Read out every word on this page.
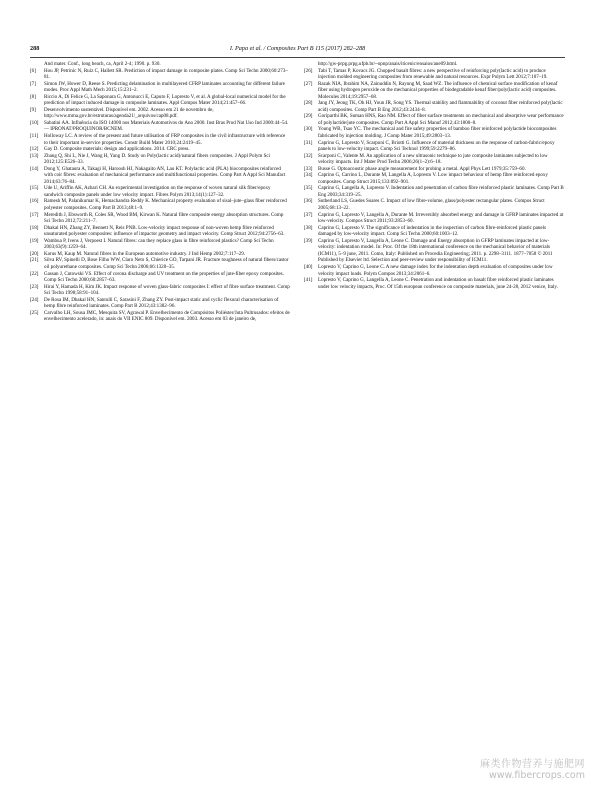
288	I. Papa et al. / Composites Part B 115 (2017) 282–288
And mater. Conf., long beach, ca, April 2-4; 1990. p. 930.
[6] Hou JP, Petrinic N, Ruiz C, Hallett SR. Prediction of impact damage in composite plates. Comp Sci Techn 2000;60:273–81.
[7] Simon JW, Hower D, Reese S. Predicting delamination in multilayered CFRP laminates accounting for different failure modes. Proc Appl Math Mech 2015;15:231–2.
[8] Riccio A, Di Felice G, La Saponara G, Antonucci E, Caputo F, Lopresto V, et al. A global-local numerical model for the prediction of impact induced damage in composite laminates. Appl Compos Mater 2014;21:457–66.
[9] Desenvolvimento sustentável. Disponível em. 2002. Acesso em 21 de novembro de, http://www.mma.gov.br/estruturas/agenda21/_arquivos/cap08.pdf.
[10] Sabatini AA. Influência da ISO 14000 nos Materiais Automotivos do Ano 2000. Inst Bras Prod Nat Uso Ind 2000:44–54. — IPRONAT/PROQUINOR/BCNEM.
[11] Holloway LC. A review of the present and future utilisation of FRP composites in the civil infrastructure with reference to their important in-service properties. Constr Build Mater 2010;24:2419–45.
[12] Gay D. Composite materials: design and applications. 2014. CRC press.
[13] Zhang Q, Shi L, Nie J, Wang H, Yang D. Study on Poly(lactic acid)/natural fibers composites. J Appl Polym Sci 2012;125:E526–33.
[14] Dong Y, Ghataura A, Takagi H, Haroosh HJ, Nakagaito AN, Lau KT. Polylactic acid (PLA) biocomposites reinforced with coir fibres: evaluation of mechanical performance and multifunctional properties. Comp Part A Appl Sci Manufact 2014;63:76–84.
[15] Ude U, Ariffin AK, Azhari CH. An experimental investigation on the response of woven natural silk fiber/epoxy sandwich composite panels under low velocity impact. Fibres Polym 2013;14(1):127–32.
[16] Ramesh M, Palanikumar K, Hemachandra Reddy K. Mechanical property evaluation of sisal–jute–glass fiber reinforced polyester composites. Comp Part B 2013;48:1–9.
[17] Meredith J, Ebsworth R, Coles SR, Wood BM, Kirwan K. Natural fibre composite energy absorption structures. Comp Sci Techn 2012;72:211–7.
[18] Dhakal HN, Zhang ZY, Bennett N, Reis PNB. Low-velocity impact response of non-woven hemp fibre reinforced unsaturated polyester composites: influence of impactor geometry and impact velocity. Comp Struct 2012;94:2756–63.
[19] Wambua P, Ivens J, Verpoest I. Natural fibres: can they replace glass in fibre reinforced plastics? Comp Sci Techn 2003;63(9):1259–64.
[20] Karus M, Kaup M. Natural fibres in the European automotive industry. J Ind Hemp 2002;7:117–29.
[21] Silva RV, Spinelli D, Bose Filho WW, Claro Neto S, Chierice GO, Tarpani JR. Fracture toughness of natural fibers/castor oil polyurethane composites. Comp Sci Techn 2006;66:1328–35.
[22] Gassan J, Cutowski VS. Effect of corona discharge and UV treatment on the properties of jute-fiber epoxy composites. Comp Sci Techn 2000;60:2857–63.
[23] Hirai Y, Hamada H, Kim JK. Impact response of woven glass-fabric composites I: effect of fibre surface treatment. Comp Sci Techn 1998;58:91–104.
[24] De Rosa IM, Dhakal HN, Santulli C, Sarasini F, Zhang ZY. Post-impact static and cyclic flexural characterisation of hemp fibre reinforced laminates. Comp Part B 2012;43:1382–96.
[25] Carvalho LH, Sousa JMC, Mesquita SV, Agrawal P. Envelhecimento de Compósitos Poliéster/Juta Pultrusados: efeitos de envelhecimento acelerado, in: anais do VII ENIC 809. Disponível em. 2003. Acesso em 03 de janeiro de,
http://gw-prpg.prpg.ufpb.br/~opnp/anais/iticenic/ensaios/ane09.html.
[26] Tabi T, Tamas P, Kovacs JG. Chopped basalt fibres: a new perspective of reinforcing poly(lactic acid) to produce injection molded engineering composites from renewable and natural resources. Expr Polym Lett 2012;7:107–19.
[27] Razak NIA, Ibrahim NA, Zainuddin N, Rayung M, Saad WZ. The influence of chemical surface modification of kenaf fiber using hydrogen peroxide on the mechanical properties of biodegradable kenaf fiber/poly(lactic acid) composites. Molecules 2014;19:2957–68.
[28] Jang JY, Jeong TK, Oh HJ, Youn JR, Song YS. Thermal stability and flammability of coconut fiber reinforced poly(lactic acid) composites. Comp Part B Eng 2012;43:2434–8.
[29] Goriparthi BK, Suman HNS, Rao NM. Effect of fiber surface treatments on mechanical and absorptive wear performance of polylactide/jute composites. Comp Part A Appl Sci Manuf 2012;43:1800–8.
[30] Young WB, Tsao YC. The mechanical and fire safety properties of bamboo fiber reinforced polylactide biocomposites fabricated by injection molding. J Comp Mater 2015;49:2803–13.
[31] Caprino G, Lopresto V, Scarponi C, Briotti G. Influence of material thickness on the response of carbon-fabric/epoxy panels to low-velocity impact. Comp Sci Technol 1999;59:2279–86.
[32] Scarponi C, Valente M. An application of a new ultrasonic technique to jute composite laminates subjected to low velocity impacts. Int J Mater Prod Techn 2006;26(1–2):6–18.
[33] Busse G. Optoacoustic phase angle measurement for probing a metal. Appl Phys Lett 1979;35:759–60.
[34] Caprino G, Carrino L, Durante M, Langella A, Lopresto V. Low impact behaviour of hemp fibre reinforced epoxy composites. Comp Struct 2015;133:892–901.
[35] Caprino G, Langella A, Lopresto V. Indentation and penetration of carbon fibre reinforced plastic laminates. Comp Part B Eng 2003;34:319–25.
[36] Sutherland LS, Guedes Soares C. Impact of low fibre-volume, glass/polyester rectangular plates. Compos Struct 2005;68:13–22.
[37] Caprino G, Lopresto V, Langella A, Durante M. Irreversibly absorbed energy and damage in GFRP laminates impacted at low-velocity. Compos Struct 2011;93:2853–60.
[38] Caprino G, Lopresto V. The significance of indentation in the inspection of carbon fibre-reinforced plastic panels damaged by low-velocity impact. Comp Sci Techn 2000;60:1003–12.
[39] Caprino G, Lopresto V, Langella A, Leone C. Damage and Energy absorption in GFRP laminates impacted at low-velocity: indentation model. In: Proc. Of the 18th international conference on the mechanical behavior of materials (ICM11), 5–9 june, 2011. Como, Italy: Published on Procedia Engineering; 2011. p. 2298–3111. 1877–7058 © 2011 Published by Elsevier ltd. Selection and peer-review under responsibility of ICM11.
[40] Lopresto V, Caprino G, Leone C. A new damage index for the indentation depth evaluation of composites under low velocity impact loads. Polym Compos 2013;34:2061–6.
[41] Lopresto V, Caprino G, Langella A, Leone C. Penetration and indentation on basalt fibre reinforced plastic laminates under low velocity impacts, Proc. Of 15th european conference on composite materials, june 24-28, 2012 venice, Italy.
麻类作物营养与施肥网
www.fibercrops.com
